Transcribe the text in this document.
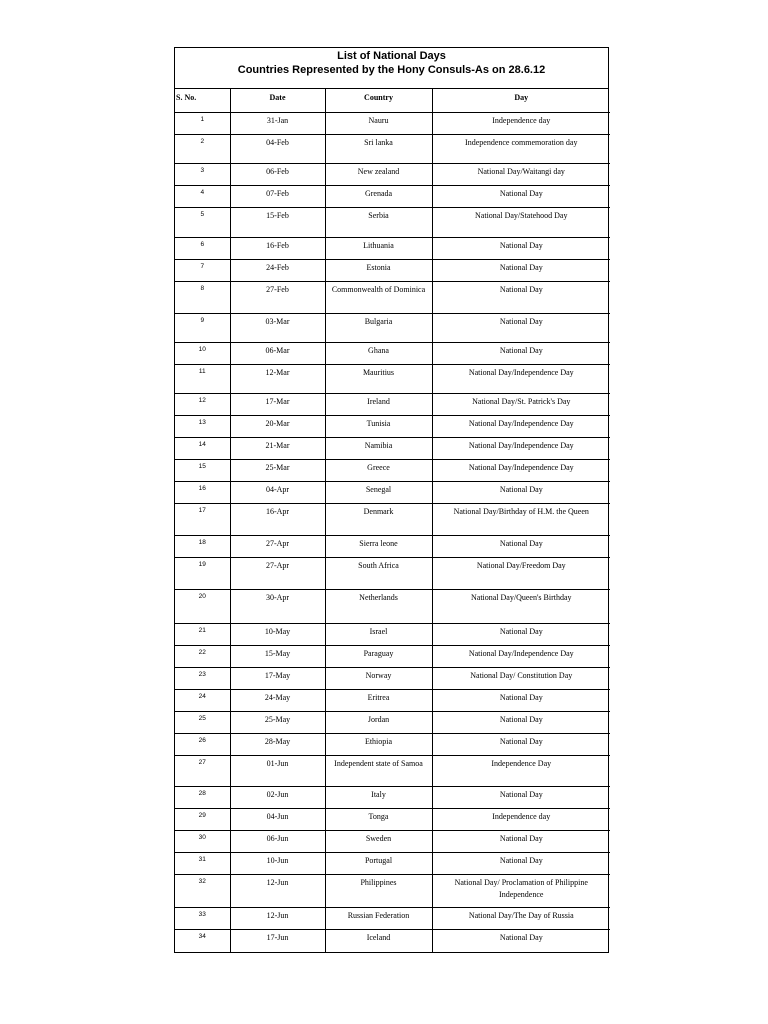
List of National Days
Countries Represented by the Hony Consuls-As on 28.6.12
S. No.	Date	Country	Day
1	31-Jan	Nauru	Independence day
2	04-Feb	Sri lanka	Independence commemoration day
3	06-Feb	New zealand	National Day/Waitangi day
4	07-Feb	Grenada	National Day
5	15-Feb	Serbia	National Day/Statehood Day
6	16-Feb	Lithuania	National Day
7	24-Feb	Estonia	National Day
8	27-Feb	Commonwealth of Dominica	National Day
9	03-Mar	Bulgaria	National Day
10	06-Mar	Ghana	National Day
11	12-Mar	Mauritius	National Day/Independence Day
12	17-Mar	Ireland	National Day/St. Patrick's Day
13	20-Mar	Tunisia	National Day/Independence Day
14	21-Mar	Namibia	National Day/Independence Day
15	25-Mar	Greece	National Day/Independence Day
16	04-Apr	Senegal	National Day
17	16-Apr	Denmark	National Day/Birthday of H.M. the Queen
18	27-Apr	Sierra leone	National Day
19	27-Apr	South Africa	National Day/Freedom Day
20	30-Apr	Netherlands	National Day/Queen's Birthday
21	10-May	Israel	National Day
22	15-May	Paraguay	National Day/Independence Day
23	17-May	Norway	National Day/ Constitution Day
24	24-May	Eritrea	National Day
25	25-May	Jordan	National Day
26	28-May	Ethiopia	National Day
27	01-Jun	Independent state of Samoa	Independence Day
28	02-Jun	Italy	National Day
29	04-Jun	Tonga	Independence day
30	06-Jun	Sweden	National Day
31	10-Jun	Portugal	National Day
32	12-Jun	Philippines	National Day/ Proclamation of Philippine Independence
33	12-Jun	Russian Federation	National Day/The Day of Russia
34	17-Jun	Iceland	National Day
